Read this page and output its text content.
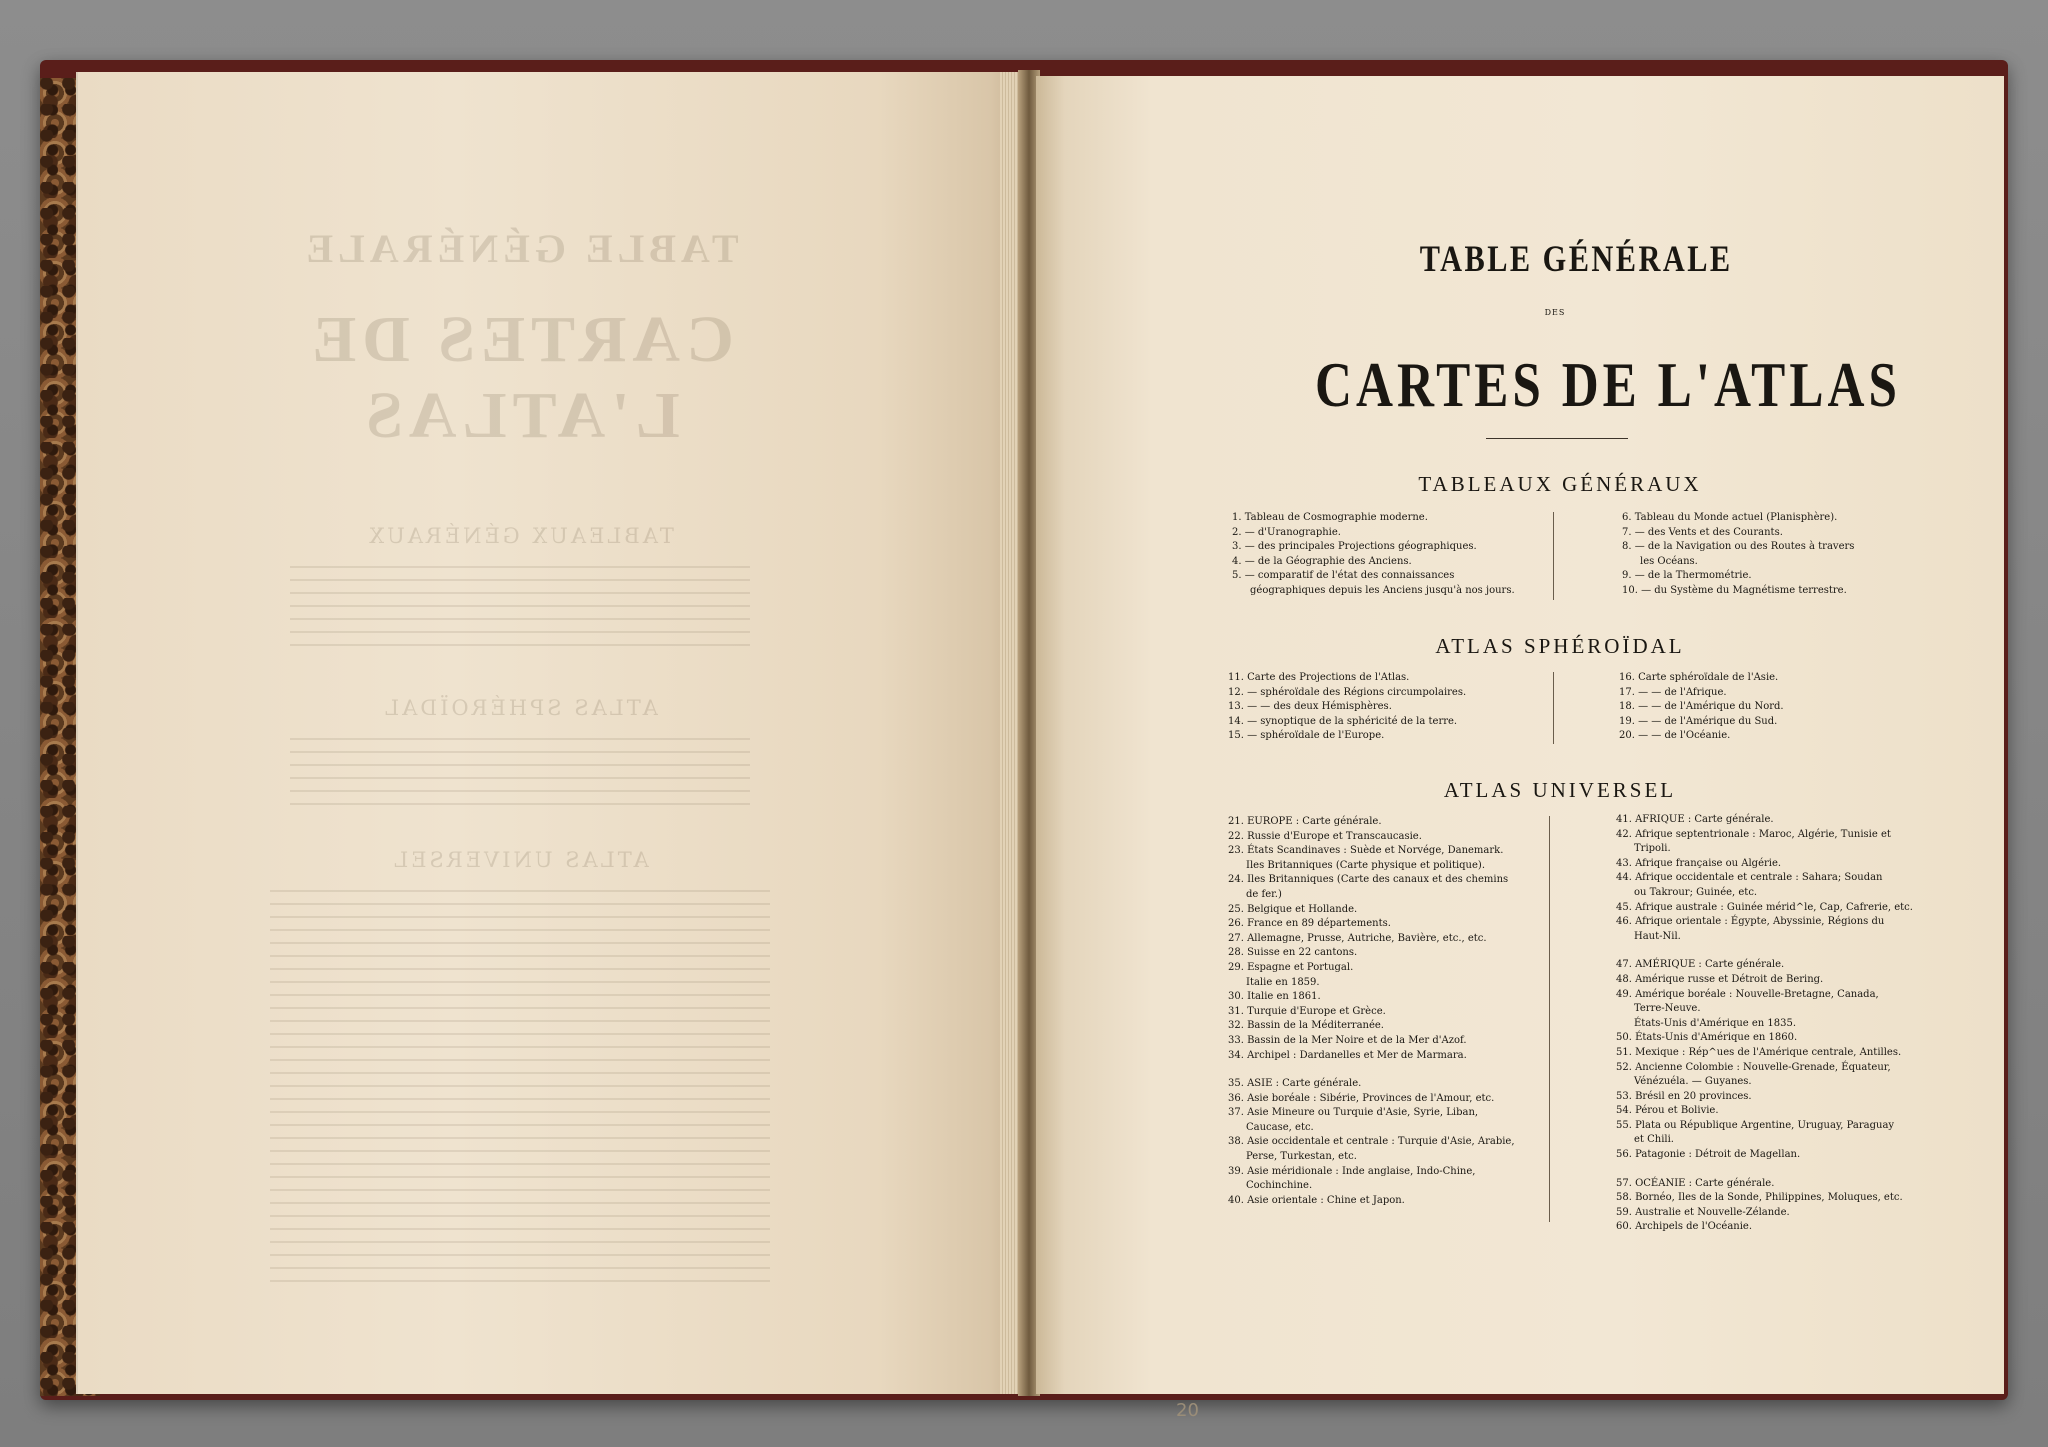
TABLE GÉNÉRALE
CARTES DE L'ATLAS
TABLEAUX GÉNÉRAUX
ATLAS SPHÉROÏDAL
ATLAS UNIVERSEL
TABLE GÉNÉRALE
DES
CARTES DE L'ATLAS
TABLEAUX GÉNÉRAUX
1. Tableau de Cosmographie moderne.
2. — d'Uranographie.
3. — des principales Projections géographiques.
4. — de la Géographie des Anciens.
5. — comparatif de l'état des connaissances
géographiques depuis les Anciens jusqu'à nos jours.
6. Tableau du Monde actuel (Planisphère).
7. — des Vents et des Courants.
8. — de la Navigation ou des Routes à travers
les Océans.
9. — de la Thermométrie.
10. — du Système du Magnétisme terrestre.
ATLAS SPHÉROÏDAL
11. Carte des Projections de l'Atlas.
12. — sphéroïdale des Régions circumpolaires.
13. — — des deux Hémisphères.
14. — synoptique de la sphéricité de la terre.
15. — sphéroïdale de l'Europe.
16. Carte sphéroïdale de l'Asie.
17. — — de l'Afrique.
18. — — de l'Amérique du Nord.
19. — — de l'Amérique du Sud.
20. — — de l'Océanie.
ATLAS UNIVERSEL
21. EUROPE : Carte générale.
22. Russie d'Europe et Transcaucasie.
23. États Scandinaves : Suède et Norvége, Danemark.
Iles Britanniques (Carte physique et politique).
24. Iles Britanniques (Carte des canaux et des chemins
de fer.)
25. Belgique et Hollande.
26. France en 89 départements.
27. Allemagne, Prusse, Autriche, Bavière, etc., etc.
28. Suisse en 22 cantons.
29. Espagne et Portugal.
Italie en 1859.
30. Italie en 1861.
31. Turquie d'Europe et Grèce.
32. Bassin de la Méditerranée.
33. Bassin de la Mer Noire et de la Mer d'Azof.
34. Archipel : Dardanelles et Mer de Marmara.
35. ASIE : Carte générale.
36. Asie boréale : Sibérie, Provinces de l'Amour, etc.
37. Asie Mineure ou Turquie d'Asie, Syrie, Liban,
Caucase, etc.
38. Asie occidentale et centrale : Turquie d'Asie, Arabie,
Perse, Turkestan, etc.
39. Asie méridionale : Inde anglaise, Indo-Chine,
Cochinchine.
40. Asie orientale : Chine et Japon.
41. AFRIQUE : Carte générale.
42. Afrique septentrionale : Maroc, Algérie, Tunisie et
Tripoli.
43. Afrique française ou Algérie.
44. Afrique occidentale et centrale : Sahara; Soudan
ou Takrour; Guinée, etc.
45. Afrique australe : Guinée mérid^le, Cap, Cafrerie, etc.
46. Afrique orientale : Égypte, Abyssinie, Régions du
Haut-Nil.
47. AMÉRIQUE : Carte générale.
48. Amérique russe et Détroit de Bering.
49. Amérique boréale : Nouvelle-Bretagne, Canada,
Terre-Neuve.
États-Unis d'Amérique en 1835.
50. États-Unis d'Amérique en 1860.
51. Mexique : Rép^ues de l'Amérique centrale, Antilles.
52. Ancienne Colombie : Nouvelle-Grenade, Équateur,
Vénézuéla. — Guyanes.
53. Brésil en 20 provinces.
54. Pérou et Bolivie.
55. Plata ou République Argentine, Uruguay, Paraguay
et Chili.
56. Patagonie : Détroit de Magellan.
57. OCÉANIE : Carte générale.
58. Bornéo, Iles de la Sonde, Philippines, Moluques, etc.
59. Australie et Nouvelle-Zélande.
60. Archipels de l'Océanie.
20
